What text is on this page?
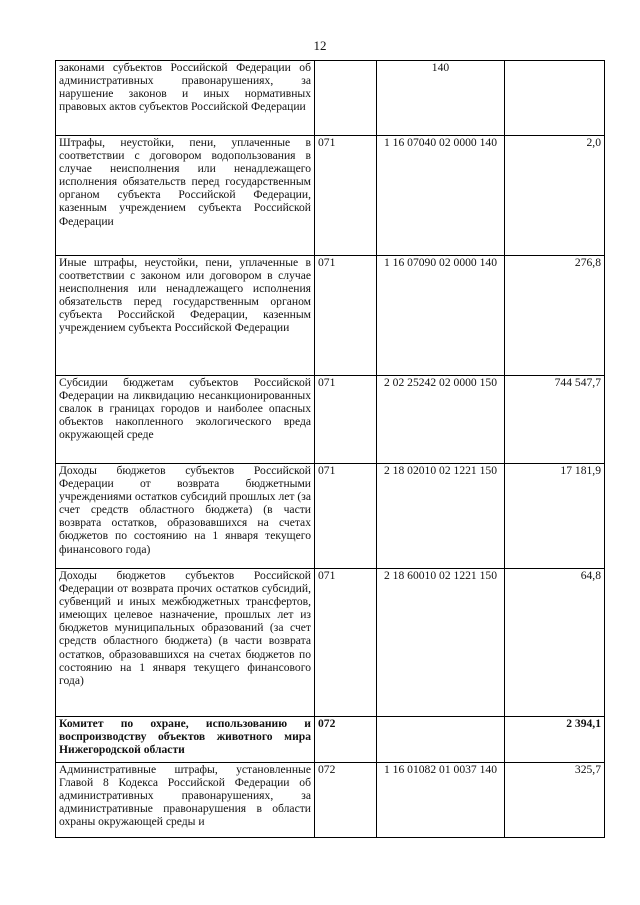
12
законами субъектов Российской Федерации об административных правонарушениях, за нарушение законов и иных нормативных правовых актов субъектов Российской Федерации		140	
Штрафы, неустойки, пени, уплаченные в соответствии с договором водопользования в случае неисполнения или ненадлежащего исполнения обязательств перед государственным органом субъекта Российской Федерации, казенным учреждением субъекта Российской Федерации	071	1 16 07040 02 0000 140	2,0
Иные штрафы, неустойки, пени, уплаченные в соответствии с законом или договором в случае неисполнения или ненадлежащего исполнения обязательств перед государственным органом субъекта Российской Федерации, казенным учреждением субъекта Российской Федерации	071	1 16 07090 02 0000 140	276,8
Субсидии бюджетам субъектов Российской Федерации на ликвидацию несанкционированных свалок в границах городов и наиболее опасных объектов накопленного экологического вреда окружающей среде	071	2 02 25242 02 0000 150	744 547,7
Доходы бюджетов субъектов Российской Федерации от возврата бюджетными учреждениями остатков субсидий прошлых лет (за счет средств областного бюджета) (в части возврата остатков, образовавшихся на счетах бюджетов по состоянию на 1 января текущего финансового года)	071	2 18 02010 02 1221 150	17 181,9
Доходы бюджетов субъектов Российской Федерации от возврата прочих остатков субсидий, субвенций и иных межбюджетных трансфертов, имеющих целевое назначение, прошлых лет из бюджетов муниципальных образований (за счет средств областного бюджета) (в части возврата остатков, образовавшихся на счетах бюджетов по состоянию на 1 января текущего финансового года)	071	2 18 60010 02 1221 150	64,8
Комитет по охране, использованию и воспроизводству объектов животного мира Нижегородской области	072		2 394,1
Административные штрафы, установленные Главой 8 Кодекса Российской Федерации об административных правонарушениях, за административные правонарушения в области охраны окружающей среды и	072	1 16 01082 01 0037 140	325,7
